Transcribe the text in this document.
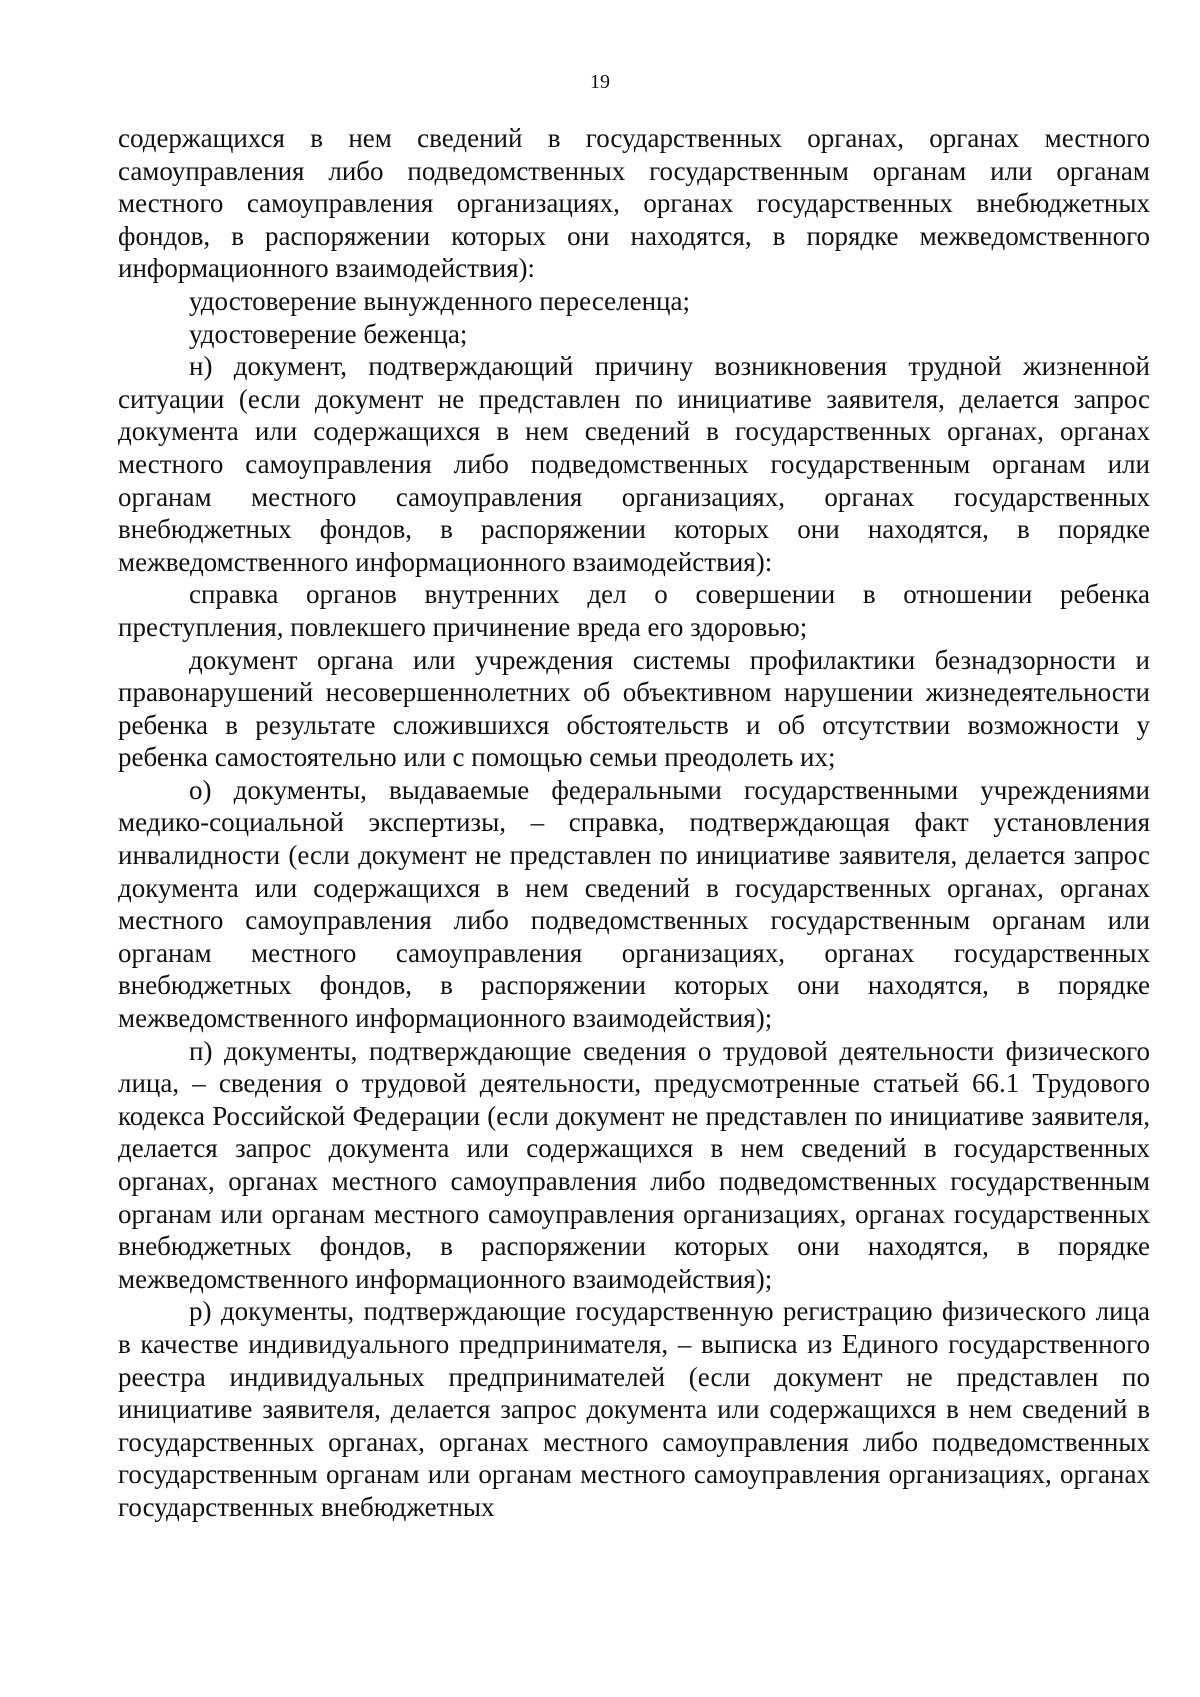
19

содержащихся в нем сведений в государственных органах, органах местного самоуправления либо подведомственных государственным органам или органам местного самоуправления организациях, органах государственных внебюджетных фондов, в распоряжении которых они находятся, в порядке межведомственного информационного взаимодействия):

удостоверение вынужденного переселенца;

удостоверение беженца;

н) документ, подтверждающий причину возникновения трудной жизненной ситуации (если документ не представлен по инициативе заявителя, делается запрос документа или содержащихся в нем сведений в государственных органах, органах местного самоуправления либо подведомственных государственным органам или органам местного самоуправления организациях, органах государственных внебюджетных фондов, в распоряжении которых они находятся, в порядке межведомственного информационного взаимодействия):

справка органов внутренних дел о совершении в отношении ребенка преступления, повлекшего причинение вреда его здоровью;

документ органа или учреждения системы профилактики безнадзорности и правонарушений несовершеннолетних об объективном нарушении жизнедеятельности ребенка в результате сложившихся обстоятельств и об отсутствии возможности у ребенка самостоятельно или с помощью семьи преодолеть их;

о) документы, выдаваемые федеральными государственными учреждениями медико-социальной экспертизы, – справка, подтверждающая факт установления инвалидности (если документ не представлен по инициативе заявителя, делается запрос документа или содержащихся в нем сведений в государственных органах, органах местного самоуправления либо подведомственных государственным органам или органам местного самоуправления организациях, органах государственных внебюджетных фондов, в распоряжении которых они находятся, в порядке межведомственного информационного взаимодействия);

п) документы, подтверждающие сведения о трудовой деятельности физического лица, – сведения о трудовой деятельности, предусмотренные статьей 66.1 Трудового кодекса Российской Федерации (если документ не представлен по инициативе заявителя, делается запрос документа или содержащихся в нем сведений в государственных органах, органах местного самоуправления либо подведомственных государственным органам или органам местного самоуправления организациях, органах государственных внебюджетных фондов, в распоряжении которых они находятся, в порядке межведомственного информационного взаимодействия);

р) документы, подтверждающие государственную регистрацию физического лица в качестве индивидуального предпринимателя, – выписка из Единого государственного реестра индивидуальных предпринимателей (если документ не представлен по инициативе заявителя, делается запрос документа или содержащихся в нем сведений в государственных органах, органах местного самоуправления либо подведомственных государственным органам или органам местного самоуправления организациях, органах государственных внебюджетных
